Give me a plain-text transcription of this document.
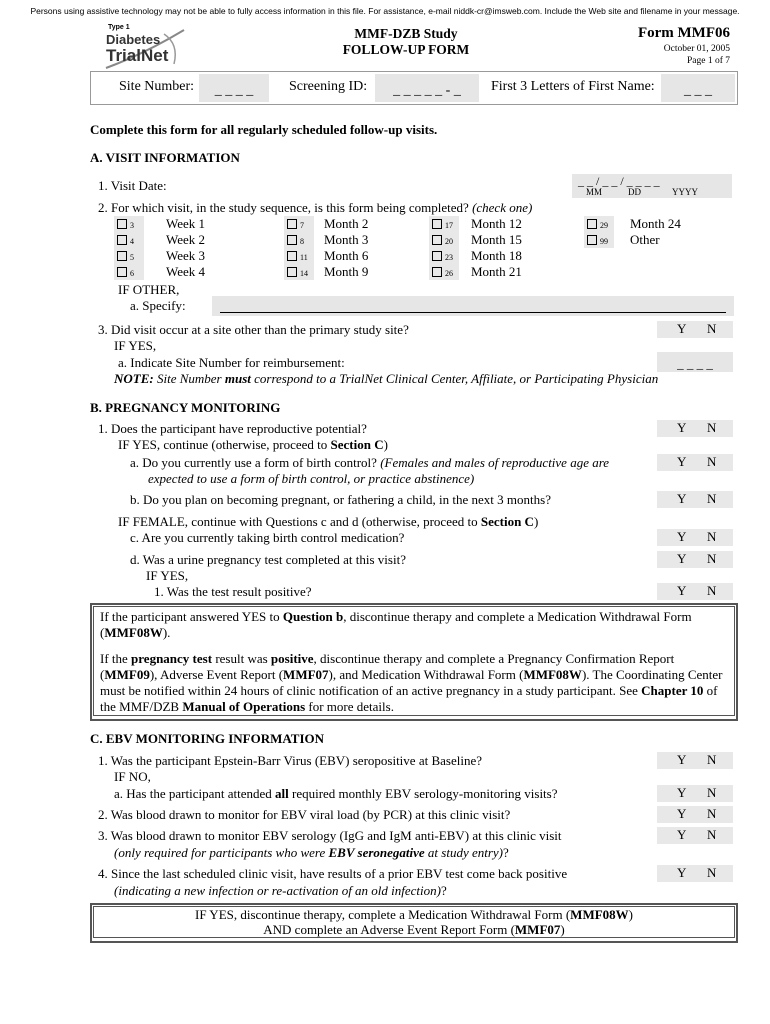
Persons using assistive technology may not be able to fully access information in this file. For assistance, e-mail niddk-cr@imsweb.com. Include the Web site and filename in your message.
Type 1
Diabetes
TrialNet
MMF-DZB Study
FOLLOW-UP FORM
Form MMF06
October 01, 2005
Page 1 of 7
Site Number:	_ _ _ _	Screening ID:	_ _ _ _ _ - _	First 3 Letters of First Name:	_ _ _
Complete this form for all regularly scheduled follow-up visits.
A. VISIT INFORMATION
1. Visit Date:	_ _ / _ _ / _ _ _ _
MM	DD	YYYY
2. For which visit, in the study sequence, is this form being completed? (check one)
3 Week 1
4 Week 2
5 Week 3
6 Week 4
7 Month 2
8 Month 3
11 Month 6
14 Month 9
17 Month 12
20 Month 15
23 Month 18
26 Month 21
29 Month 24
99 Other
IF OTHER,
a. Specify:
3. Did visit occur at a site other than the primary study site?	Y N
IF YES,
a. Indicate Site Number for reimbursement:	_ _ _ _
NOTE: Site Number must correspond to a TrialNet Clinical Center, Affiliate, or Participating Physician
B. PREGNANCY MONITORING
1. Does the participant have reproductive potential?	Y N
IF YES, continue (otherwise, proceed to Section C)
a. Do you currently use a form of birth control? (Females and males of reproductive age are
expected to use a form of birth control, or practice abstinence)
Y N
b. Do you plan on becoming pregnant, or fathering a child, in the next 3 months?	Y N
IF FEMALE, continue with Questions c and d (otherwise, proceed to Section C)
c. Are you currently taking birth control medication?	Y N
d. Was a urine pregnancy test completed at this visit?	Y N
IF YES,
1. Was the test result positive?	Y N
If the participant answered YES to Question b, discontinue therapy and complete a Medication Withdrawal Form (MMF08W).
If the pregnancy test result was positive, discontinue therapy and complete a Pregnancy Confirmation Report (MMF09), Adverse Event Report (MMF07), and Medication Withdrawal Form (MMF08W). The Coordinating Center must be notified within 24 hours of clinic notification of an active pregnancy in a study participant. See Chapter 10 of the MMF/DZB Manual of Operations for more details.
C. EBV MONITORING INFORMATION
1. Was the participant Epstein-Barr Virus (EBV) seropositive at Baseline?	Y N
IF NO,
a. Has the participant attended all required monthly EBV serology-monitoring visits?	Y N
2. Was blood drawn to monitor for EBV viral load (by PCR) at this clinic visit?	Y N
3. Was blood drawn to monitor EBV serology (IgG and IgM anti-EBV) at this clinic visit
(only required for participants who were EBV seronegative at study entry)?
Y N
4. Since the last scheduled clinic visit, have results of a prior EBV test come back positive
(indicating a new infection or re-activation of an old infection)?
Y N
IF YES, discontinue therapy, complete a Medication Withdrawal Form (MMF08W)
AND complete an Adverse Event Report Form (MMF07)
